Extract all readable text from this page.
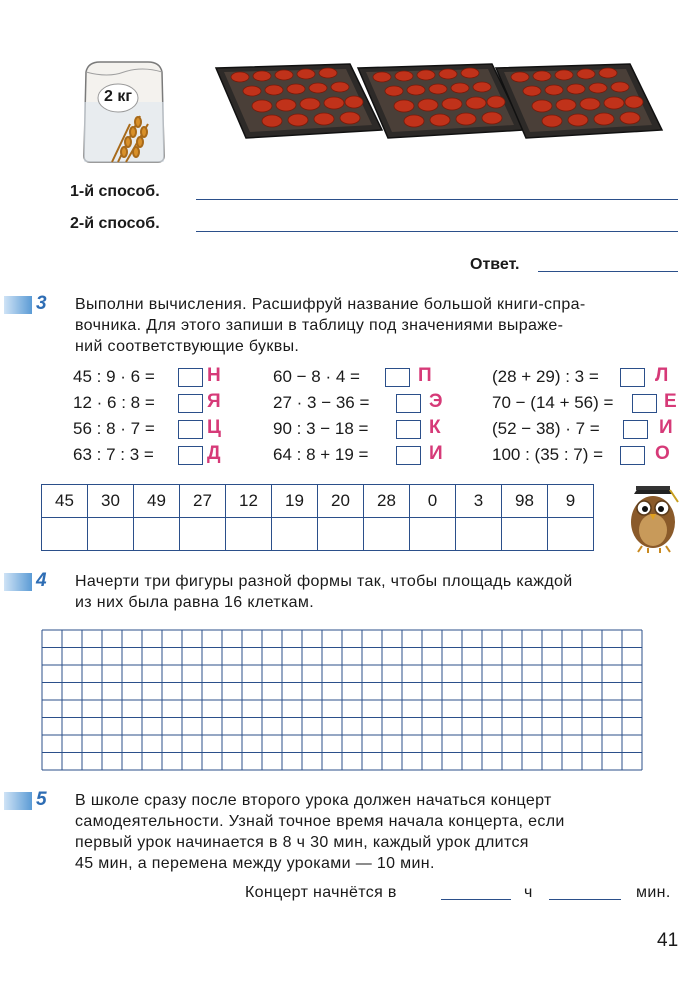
2 кг
1-й способ.
2-й способ.
Ответ.
3 Выполни вычисления. Расшифруй название большой книги-спра-
вочника. Для этого запиши в таблицу под значениями выраже-
ний соответствующие буквы.
45 : 9 · 6 =	Н
12 · 6 : 8 =	Я
56 : 8 · 7 =	Ц
63 : 7 : 3 =	Д
60 − 8 · 4 =	П
27 · 3 − 36 =	Э
90 : 3 − 18 =	К
64 : 8 + 19 =	И
(28 + 29) : 3 =	Л
70 − (14 + 56) =	Е
(52 − 38) · 7 =	И
100 : (35 : 7) =	О
45	30	49	27	12	19	20	28	0	3	98	9

4 Начерти три фигуры разной формы так, чтобы площадь каждой
из них была равна 16 клеткам.
5 В школе сразу после второго урока должен начаться концерт
самодеятельности. Узнай точное время начала концерта, если
первый урок начинается в 8 ч 30 мин, каждый урок длится
45 мин, а перемена между уроками — 10 мин.
Концерт начнётся в	ч	мин.
41
